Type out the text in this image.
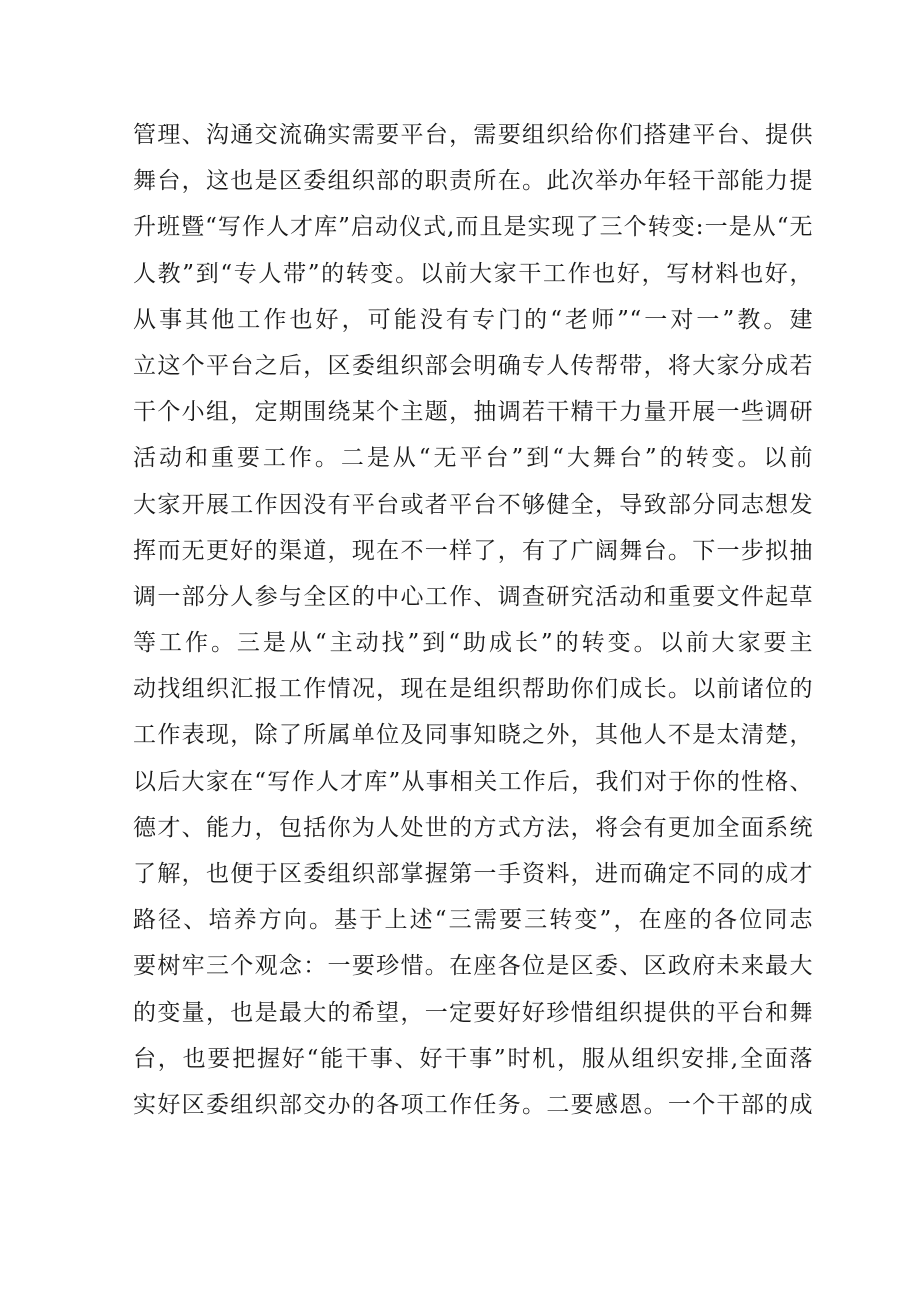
管理、沟通交流确实需要平台，需要组织给你们搭建平台、提供
舞台，这也是区委组织部的职责所在。此次举办年轻干部能力提
升班暨“写作人才库”启动仪式,而且是实现了三个转变:一是从“无
人教”到“专人带”的转变。以前大家干工作也好，写材料也好，
从事其他工作也好，可能没有专门的“老师”“一对一”教。建
立这个平台之后，区委组织部会明确专人传帮带，将大家分成若
干个小组，定期围绕某个主题，抽调若干精干力量开展一些调研
活动和重要工作。二是从“无平台”到“大舞台”的转变。以前
大家开展工作因没有平台或者平台不够健全，导致部分同志想发
挥而无更好的渠道，现在不一样了，有了广阔舞台。下一步拟抽
调一部分人参与全区的中心工作、调查研究活动和重要文件起草
等工作。三是从“主动找”到“助成长”的转变。以前大家要主
动找组织汇报工作情况，现在是组织帮助你们成长。以前诸位的
工作表现，除了所属单位及同事知晓之外，其他人不是太清楚，
以后大家在“写作人才库”从事相关工作后，我们对于你的性格、
德才、能力，包括你为人处世的方式方法，将会有更加全面系统
了解，也便于区委组织部掌握第一手资料，进而确定不同的成才
路径、培养方向。基于上述“三需要三转变”，在座的各位同志
要树牢三个观念：一要珍惜。在座各位是区委、区政府未来最大
的变量，也是最大的希望，一定要好好珍惜组织提供的平台和舞
台，也要把握好“能干事、好干事”时机，服从组织安排,全面落
实好区委组织部交办的各项工作任务。二要感恩。一个干部的成
